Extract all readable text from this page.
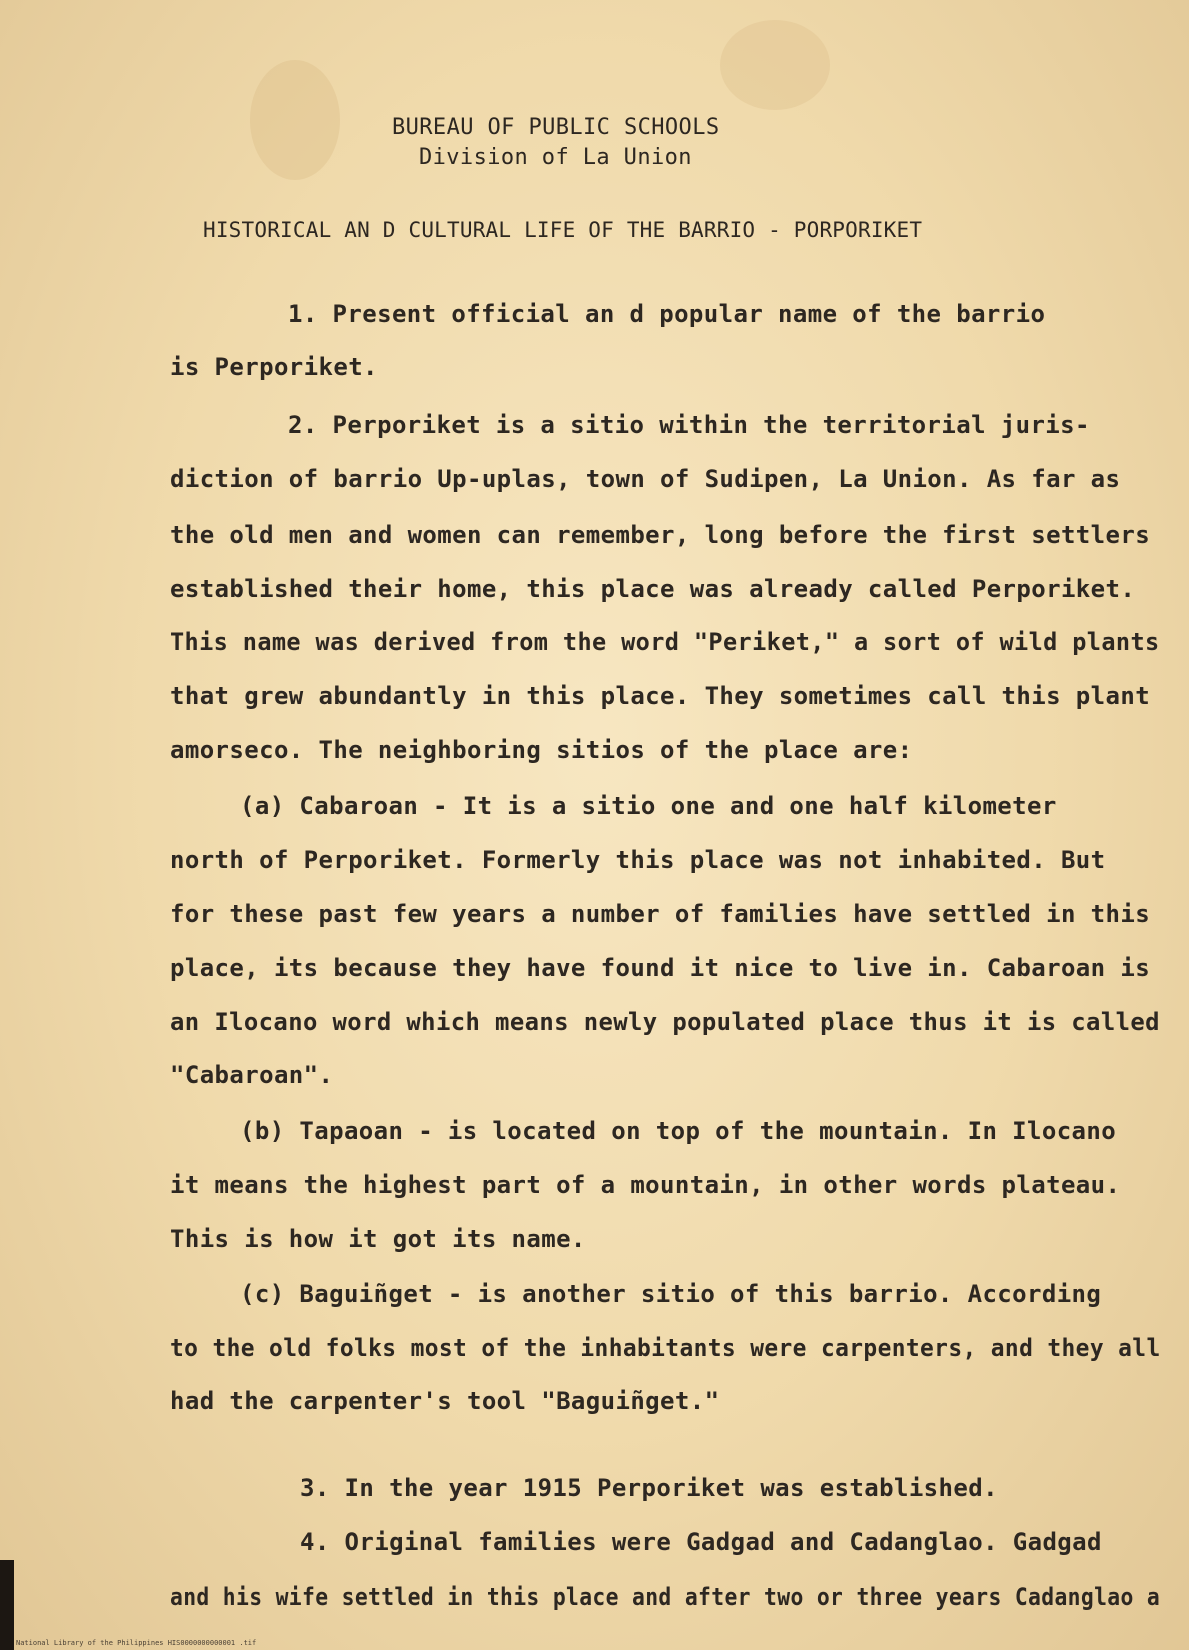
BUREAU OF PUBLIC SCHOOLS
Division of La Union
HISTORICAL AN D CULTURAL LIFE OF THE BARRIO - PORPORIKET
1. Present official an d popular name of the barrio
is Perporiket.
2. Perporiket is a sitio within the territorial juris-
diction of barrio Up-uplas, town of Sudipen, La Union. As far as
the old men and women can remember, long before the first settlers
established their home, this place was already called Perporiket.
This name was derived from the word "Periket," a sort of wild plants
that grew abundantly in this place. They sometimes call this plant
amorseco. The neighboring sitios of the place are:
(a) Cabaroan - It is a sitio one and one half kilometer
north of Perporiket. Formerly this place was not inhabited. But
for these past few years a number of families have settled in this
place, its because they have found it nice to live in. Cabaroan is
an Ilocano word which means newly populated place thus it is called
"Cabaroan".
(b) Tapaoan - is located on top of the mountain. In Ilocano
it means the highest part of a mountain, in other words plateau.
This is how it got its name.
(c) Baguiñget - is another sitio of this barrio. According
to the old folks most of the inhabitants were carpenters, and they all
had the carpenter's tool "Baguiñget."
3. In the year 1915 Perporiket was established.
4. Original families were Gadgad and Cadanglao. Gadgad
and his wife settled in this place and after two or three years Cadanglao a
National Library of the Philippines HIS0000000000001 .tif
